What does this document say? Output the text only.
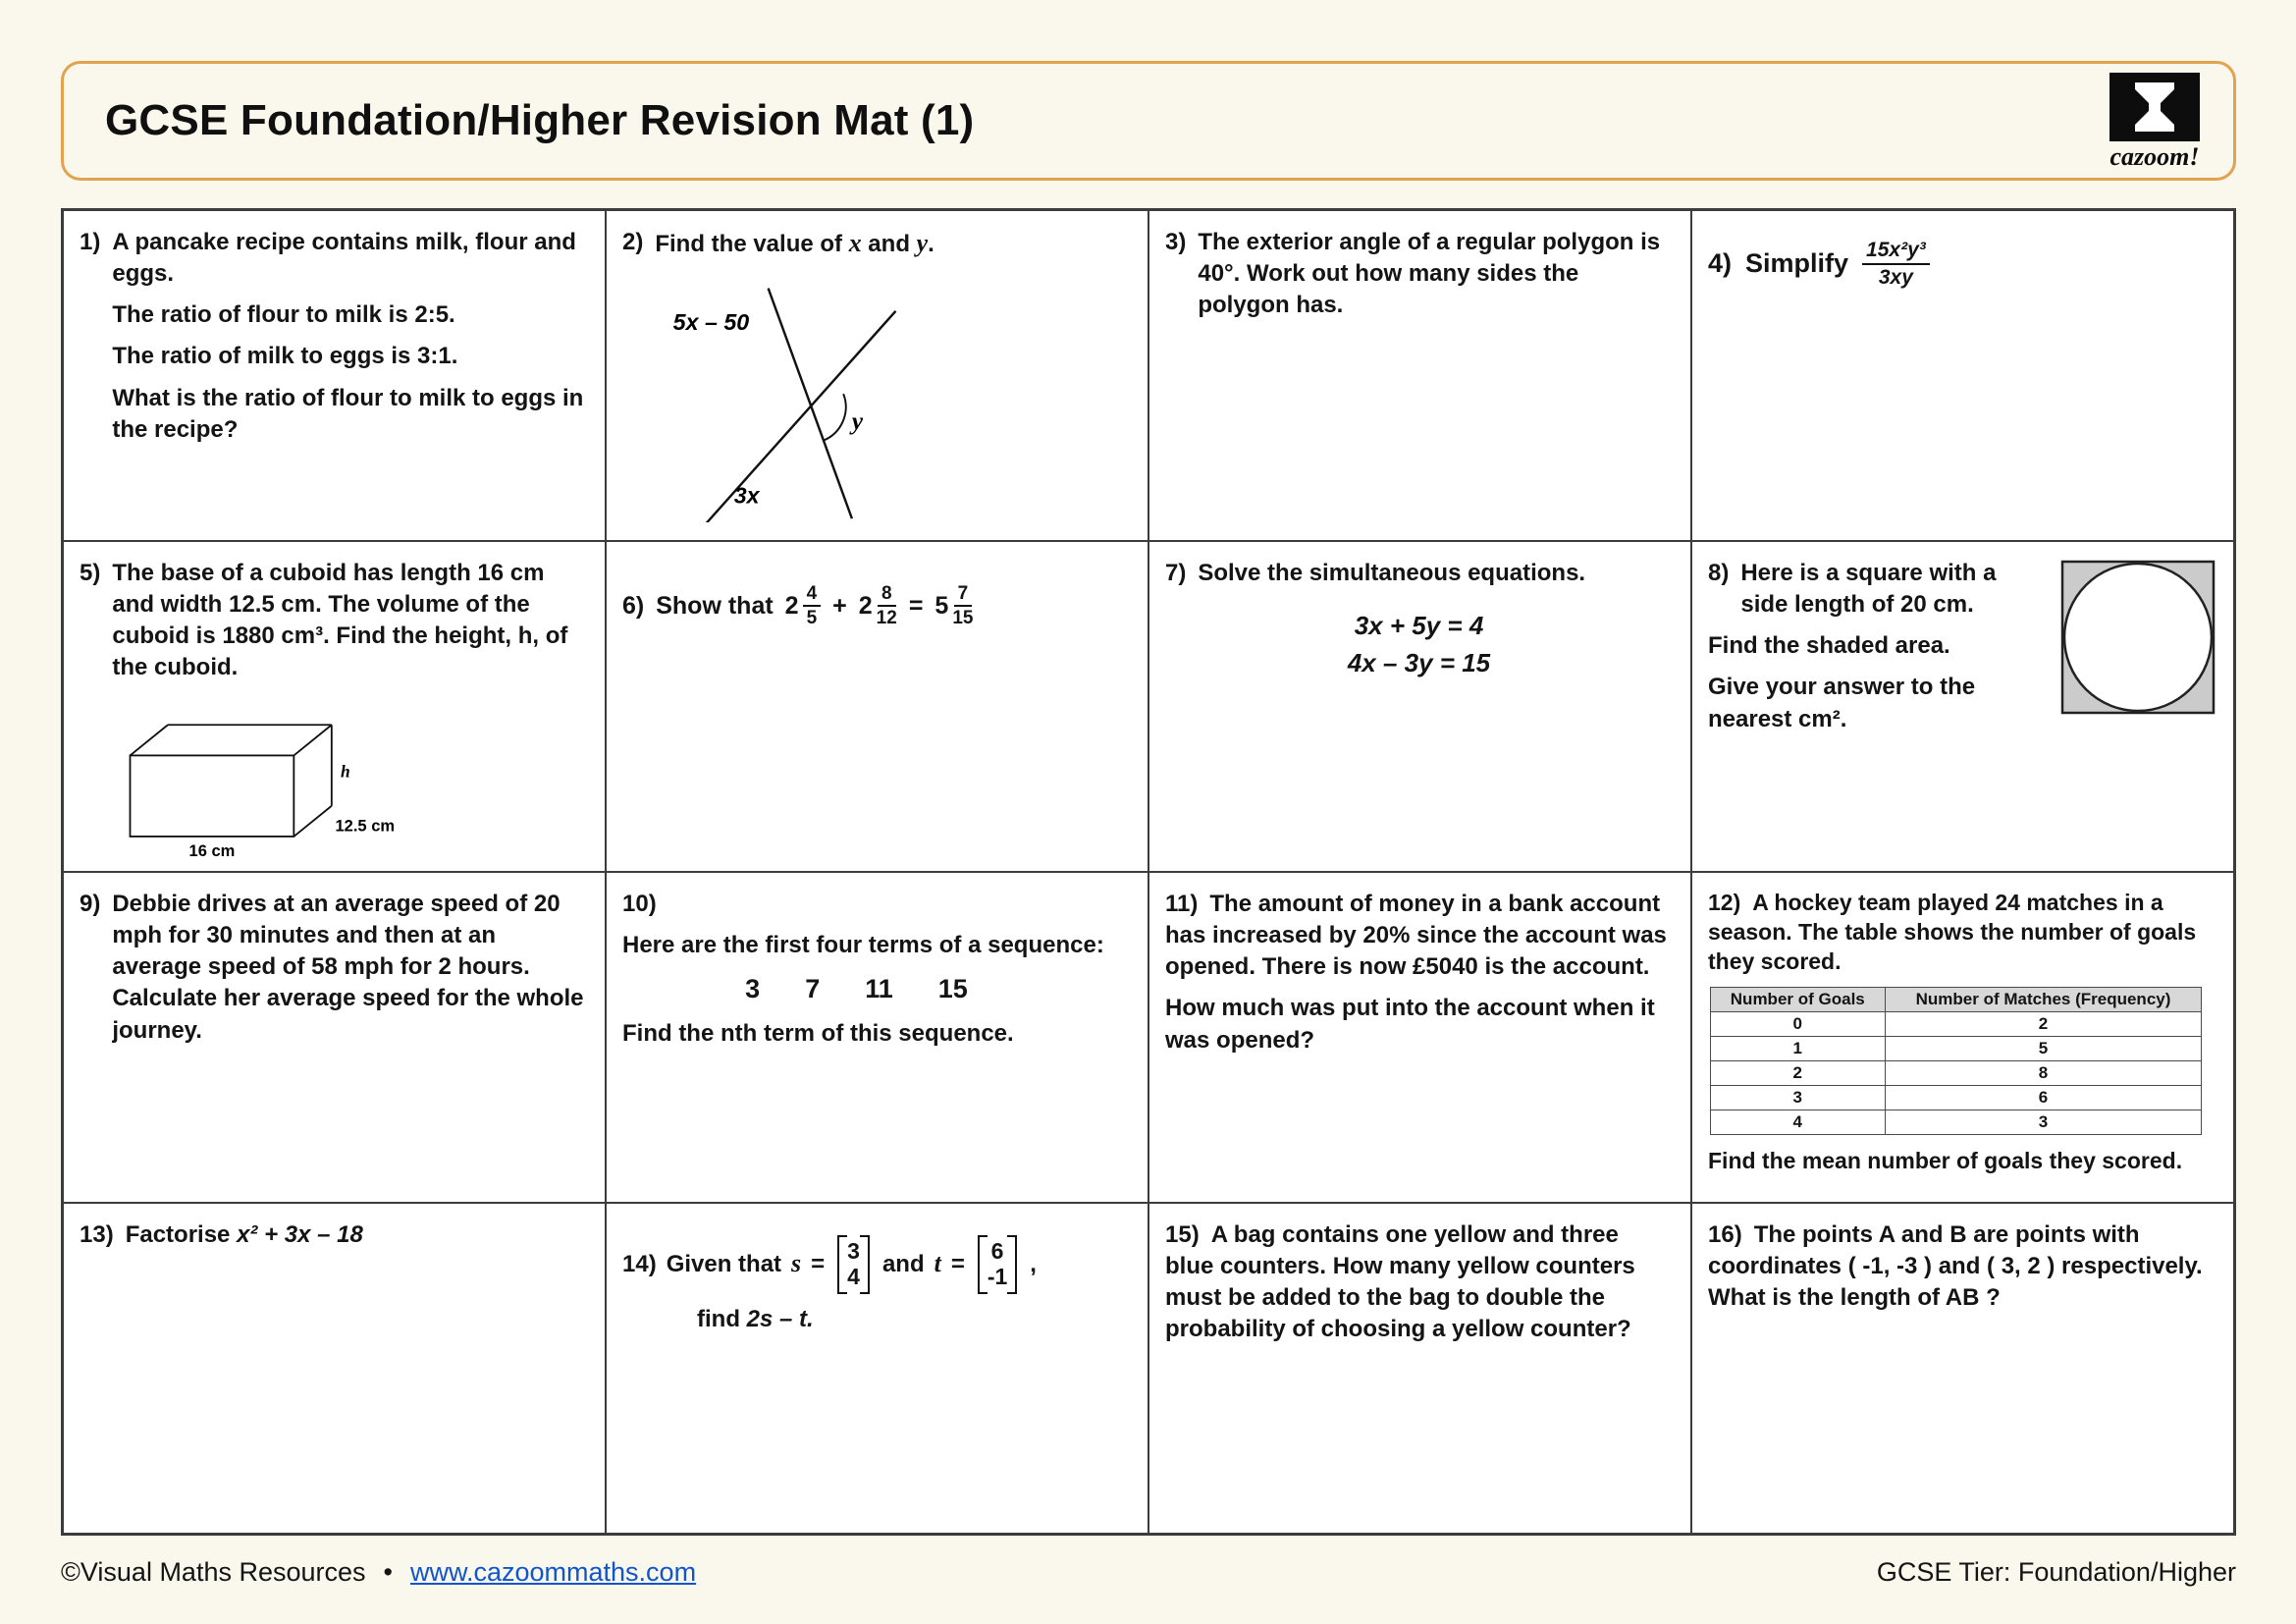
GCSE Foundation/Higher Revision Mat (1)
cazoom!
1) A pancake recipe contains milk, flour and eggs.

The ratio of flour to milk is 2:5.

The ratio of milk to eggs is 3:1.

What is the ratio of flour to milk to eggs in the recipe?

2) Find the value of x and y.

5x – 50
y
3x
3) The exterior angle of a regular polygon is 40°. Work out how many sides the polygon has.

4) Simplify $\frac{\text{15x²y³}}{3xy}$
5) The base of a cuboid has length 16 cm and width 12.5 cm. The volume of the cuboid is 1880 cm³. Find the height, h, of the cuboid.

h
12.5 cm
16 cm
6) Show that $2 \frac{4}{5} + 2 \frac{8}{12} = 5 \frac{7}{15}$
7) Solve the simultaneous equations.

3x + 5y = 4

4x – 3y = 15

8) Here is a square with a side length of 20 cm.

Find the shaded area.

Give your answer to the nearest cm².

9) Debbie drives at an average speed of 20 mph for 30 minutes and then at an average speed of 58 mph for 2 hours. Calculate her average speed for the whole journey.

10)

Here are the first four terms of a sequence:

3 7 11 15

Find the nth term of this sequence.

11) The amount of money in a bank account has increased by 20% since the account was opened. There is now £5040 is the account.

How much was put into the account when it was opened?

12) A hockey team played 24 matches in a season. The table shows the number of goals they scored.

Number of Goals	Number of Matches (Frequency)
0	2
1	5
2	8
3	6
4	3

Find the mean number of goals they scored.

13) Factorise x² + 3x – 18

14) Given that s = 3
4 and t = 6
-1 ,

find 2s – t.

15) A bag contains one yellow and three blue counters. How many yellow counters must be added to the bag to double the probability of choosing a yellow counter?

16) The points A and B are points with coordinates ( -1, -3 ) and ( 3, 2 ) respectively. What is the length of AB ?

©Visual Maths Resources • www.cazoommaths.com	GCSE Tier: Foundation/Higher
